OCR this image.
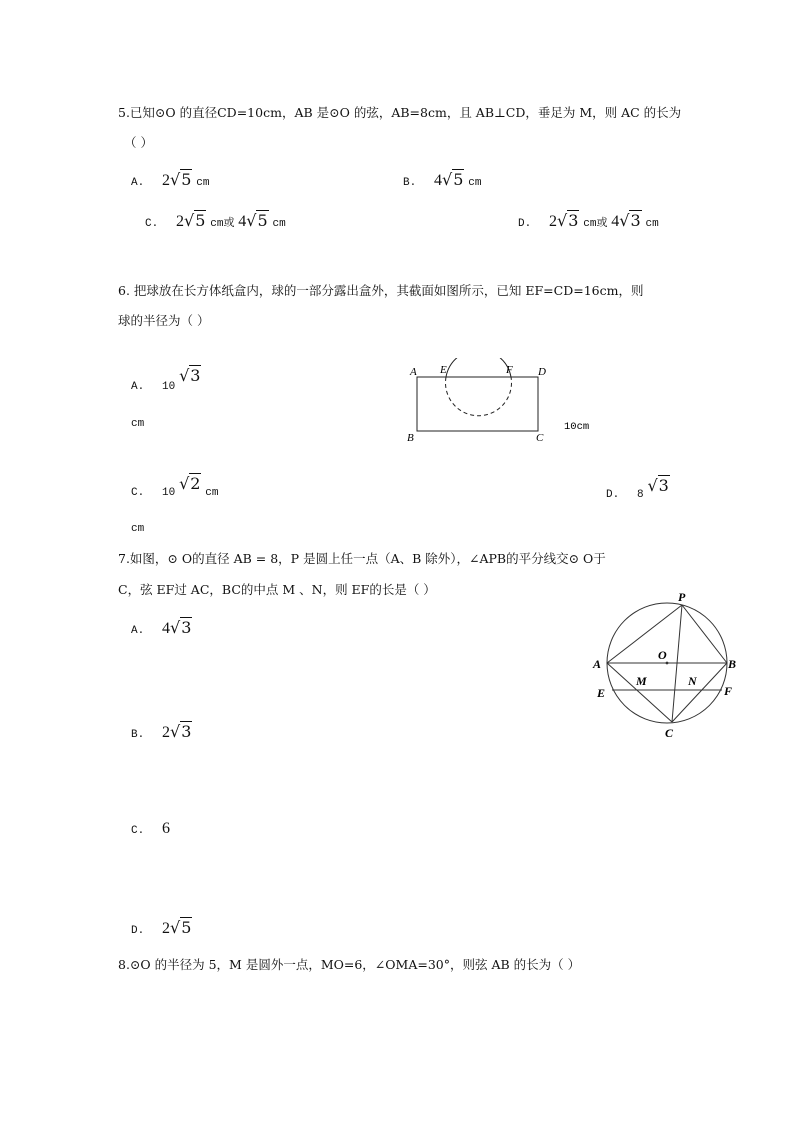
5.已知⊙O 的直径CD=10cm，AB 是⊙O 的弦，AB=8cm，且 AB⊥CD，垂足为 M，则 AC 的长为
（ ）
A. 2√5 cm	B. 4√5 cm
C. 2√5 cm或 4√5 cm	D. 2√3 cm或 4√3 cm
6. 把球放在长方体纸盒内，球的一部分露出盒外，其截面如图所示，已知 EF=CD=16cm，则
球的半径为（ ）
A. 10 √3
cm
A E	F D
B	C
10cm
C. 10 √2 cm	D. 8 √3
cm
7.如图，⊙ O的直径 AB = 8，P 是圆上任一点（A、B 除外），∠APB的平分线交⊙ O于
C，弦 EF过 AC，BC的中点 M 、N，则 EF的长是（ ）
A. 4√3
B. 2√3
C. 6
D. 2√5
P
O
A	B
E
M	N
F
C
8.⊙O 的半径为 5，M 是圆外一点，MO=6，∠OMA=30°，则弦 AB 的长为（ ）
